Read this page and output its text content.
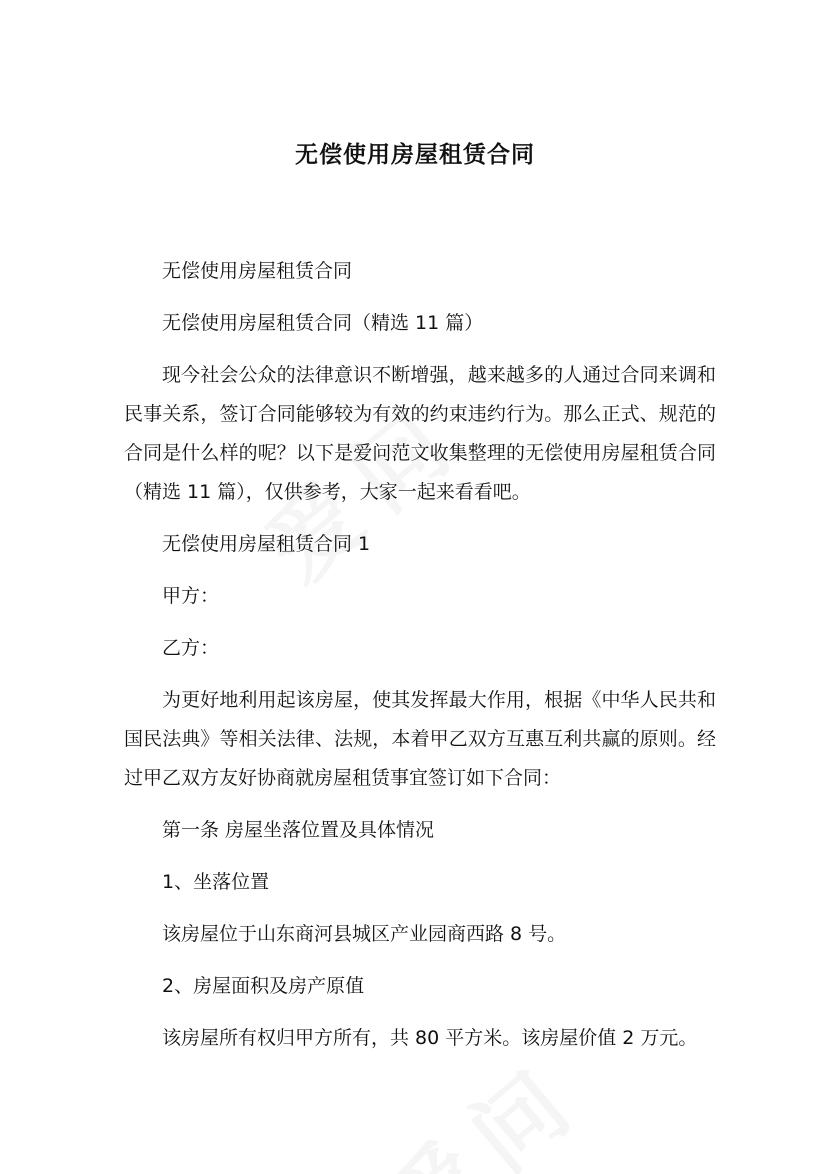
无偿使用房屋租赁合同

无偿使用房屋租赁合同

无偿使用房屋租赁合同（精选 11 篇）

现今社会公众的法律意识不断增强，越来越多的人通过合同来调和民事关系，签订合同能够较为有效的约束违约行为。那么正式、规范的合同是什么样的呢？以下是爱问范文收集整理的无偿使用房屋租赁合同（精选 11 篇），仅供参考，大家一起来看看吧。

无偿使用房屋租赁合同 1

甲方：

乙方：

为更好地利用起该房屋，使其发挥最大作用，根据《中华人民共和国民法典》等相关法律、法规，本着甲乙双方互惠互利共赢的原则。经过甲乙双方友好协商就房屋租赁事宜签订如下合同：

第一条 房屋坐落位置及具体情况

1、坐落位置

该房屋位于山东商河县城区产业园商西路 8 号。

2、房屋面积及房产原值

该房屋所有权归甲方所有，共 80 平方米。该房屋价值 2 万元。
